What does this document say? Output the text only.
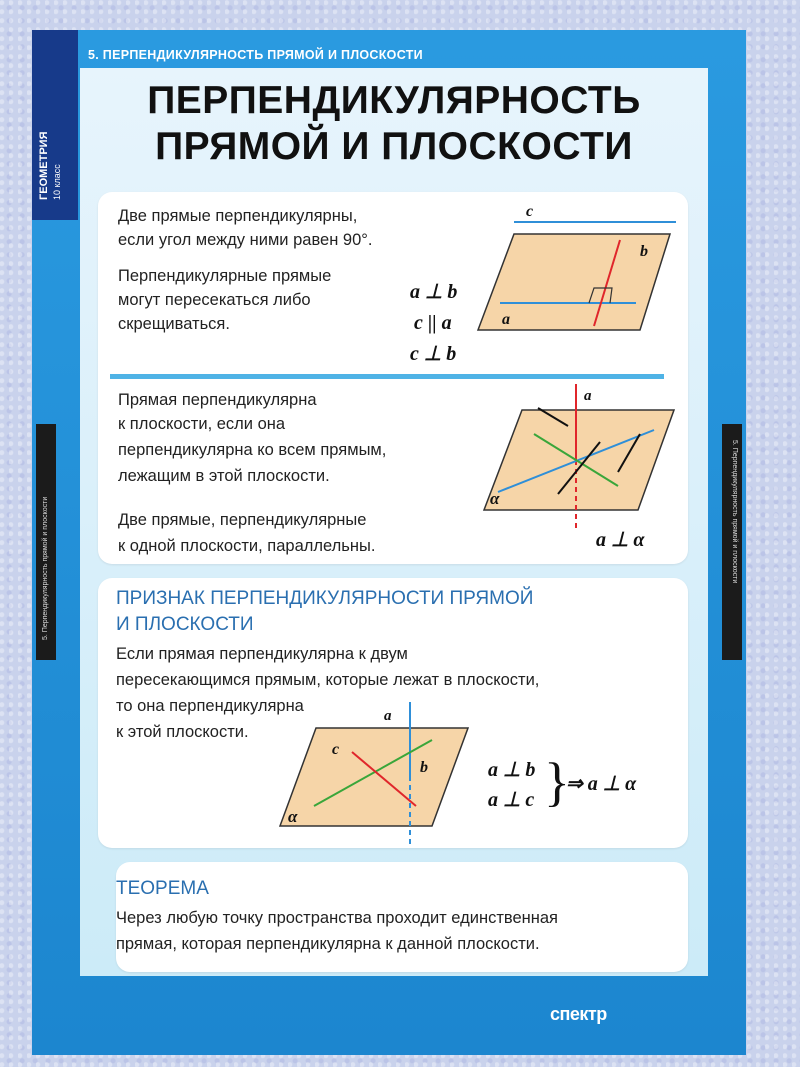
ГЕОМЕТРИЯ 10 класс
5. ПЕРПЕНДИКУЛЯРНОСТЬ ПРЯМОЙ И ПЛОСКОСТИ
5. Перпендикулярность прямой и плоскости	5. Перпендикулярность прямой и плоскости
ПЕРПЕНДИКУЛЯРНОСТЬ
ПРЯМОЙ И ПЛОСКОСТИ
Две прямые перпендикулярны,
если угол между ними равен 90°.
Перпендикулярные прямые
могут пересекаться либо
скрещиваться.
a ⊥ b
c || a
c ⊥ b
c
b
a
Прямая перпендикулярна
к плоскости, если она
перпендикулярна ко всем прямым,
лежащим в этой плоскости.
Две прямые, перпендикулярные
к одной плоскости, параллельны.	a ⊥ α
a
α
ПРИЗНАК ПЕРПЕНДИКУЛЯРНОСТИ ПРЯМОЙ
И ПЛОСКОСТИ
Если прямая перпендикулярна к двум
пересекающимся прямым, которые лежат в плоскости,
то она перпендикулярна
к этой плоскости.
a
b
c
α
a ⊥ b
a ⊥ c }
⇒ a ⊥ α
ТЕОРЕМА
Через любую точку пространства проходит единственная
прямая, которая перпендикулярна к данной плоскости.
спектр
